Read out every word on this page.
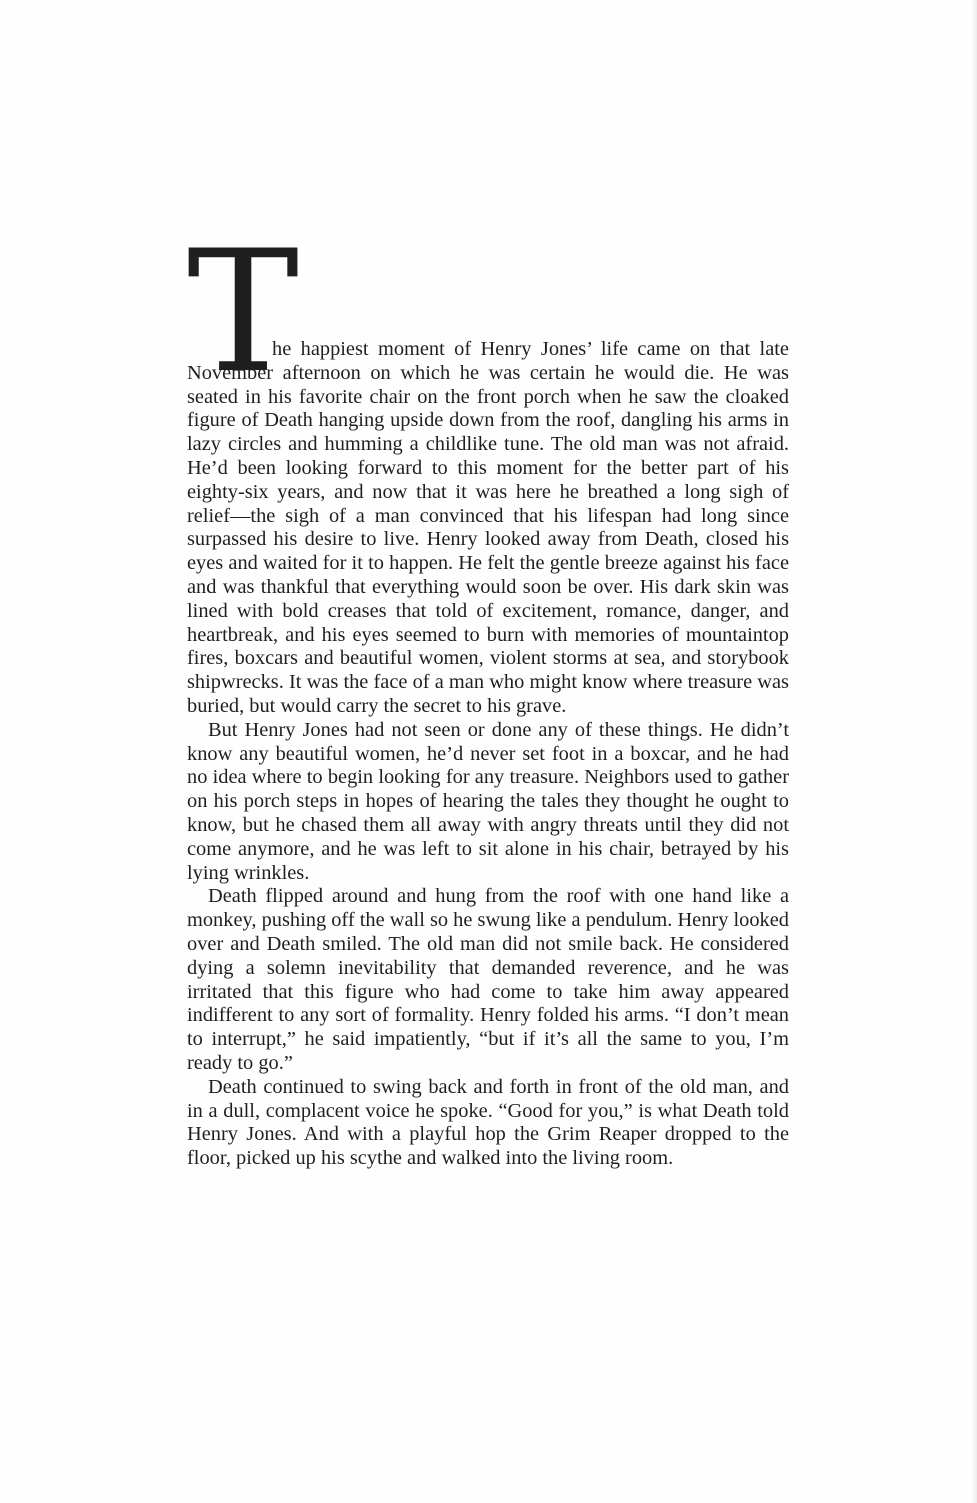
T

he happiest moment of Henry Jones’ life came on that late November afternoon on which he was certain he would die. He was seated in his favorite chair on the front porch when he saw the cloaked figure of Death hanging upside down from the roof, dangling his arms in lazy circles and humming a childlike tune. The old man was not afraid. He’d been looking forward to this moment for the better part of his eighty-six years, and now that it was here he breathed a long sigh of relief—the sigh of a man convinced that his lifespan had long since surpassed his desire to live. Henry looked away from Death, closed his eyes and waited for it to happen. He felt the gentle breeze against his face and was thankful that everything would soon be over. His dark skin was lined with bold creases that told of excitement, romance, danger, and heartbreak, and his eyes seemed to burn with memories of mountaintop fires, boxcars and beautiful women, violent storms at sea, and storybook shipwrecks. It was the face of a man who might know where treasure was buried, but would carry the secret to his grave.

But Henry Jones had not seen or done any of these things. He didn’t know any beautiful women, he’d never set foot in a boxcar, and he had no idea where to begin looking for any treasure. Neighbors used to gather on his porch steps in hopes of hearing the tales they thought he ought to know, but he chased them all away with angry threats until they did not come anymore, and he was left to sit alone in his chair, betrayed by his lying wrinkles.

Death flipped around and hung from the roof with one hand like a monkey, pushing off the wall so he swung like a pendulum. Henry looked over and Death smiled. The old man did not smile back. He considered dying a solemn inevitability that demanded reverence, and he was irritated that this figure who had come to take him away appeared indifferent to any sort of formality. Henry folded his arms. “I don’t mean to interrupt,” he said impatiently, “but if it’s all the same to you, I’m ready to go.”

Death continued to swing back and forth in front of the old man, and in a dull, complacent voice he spoke. “Good for you,” is what Death told Henry Jones. And with a playful hop the Grim Reaper dropped to the floor, picked up his scythe and walked into the living room.
